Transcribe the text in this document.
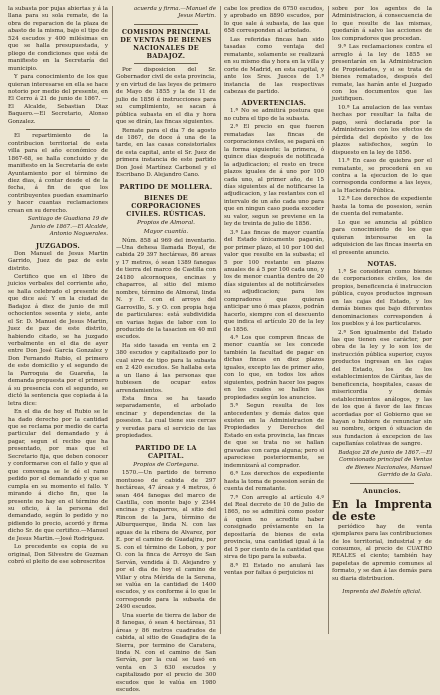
la subasta por pujas abiertas y á la llana para su sola remate, de la obra de reparacion de la plaza de abasto de la misma, bajo el tipo de 524 escudos y 400 milésimas en que se halla presupuestada, y pliego de condiciones que está de manifiesto en la Secretaría del municipio.

Y para conocimiento de los que quieran interesarse en ella se hace notorio por medio del presente, en El Cerro á 21 de junio de 1867. —El Alcalde, Sebastian Diaz Baquero.—El Secretario, Alonso Gonzalez.

El repartimiento de la contribucion territorial de esta villa para el año económico de 1867-68, se halla concluido y de manifiesto en la Secretaría de este Ayuntamiento por el término de diez dias, á contar desde el de la fecha, á fin de que los contribuyentes puedan examinarlo y hacer cuantas reclamaciones crean en su derecho.

Santiago de Guadiana 19 de Junio de 1867.—El Alcalde, Antonio Noguerales.

JUZGADOS.

Don Manuel de Jesus Martin Garrido, Juez de paz de este distrito.

Certifico que en el libro de juicios verbales del corriente año, se halla celebrado el presente de que dice así: Y en la ciudad de Badajoz á diez de junio de mil ochocientos sesenta y siete, ante el Sr. D. Manuel de Jesus Martin, Juez de paz de este distrito, habiendo citado, se ha juzgado verbalmente en el dia de ayer entre Don José Garcia Gonzalez y Don Fernando Rubio, el primero de este domicilio y el segundo de la Parroquia de Guareña, la demanda propuesta por el primero á su presencia con el segundo, se dictó la sentencia que copiada á la letra dice:

En el dia de hoy el Rubio se le ha dado derecho por la cantidad que se reclama por medio de carta particular del demandado y á pagar, segun el recibo que ha presentado, por mas que el Secretario fija, que deben conocer y conformarse con el fallo y que al que convenga se le dé el ramo pedido por el demandado y que se cumpla en su momento el fallo. Y mirando á dicho fin, que la presente no hay en el término de su oficio, á la persona del demandado, según lo pedido y no pidiendo lo precio, acordó y firma dicho Sr. de que certifico.—Manuel de Jesus Martin.—José Rodriguez.

Lo precedente es copia de su original, Don Silvestre de Guzman cobró el pleito de ese sobrescritos

acuerda y firma.—Manuel de Jesus Martin.

COMISION PRINCIPAL DE VENTAS DE BIENES NACIONALES DE BADAJOZ.

Por disposicion del Sr. Gobernador civil de esta provincia, y en virtud de las leyes de primero de Mayo de 1855 y la de 11 de julio de 1856 é instrucciones para su cumplimiento, se sacan á pública subasta en el dia y hora que se dirán, las fincas siguientes.

Remate para el dia 7 de agosto de 1867, de doce á una de la tarde, en las casas consistoriales de esta capital, ante el Sr. Juez de primera instancia de este partido Don José Martínez Carbonel y el Escribano D. Alejandro Cano.

PARTIDO DE MOLLERA.
BIENES DE CORPORACIONES CIVILES. RÚSTICAS.
Propios de Almoral.
Mayor cuantía.

Núm. 858 al 969 del inventario.—Una dehesa llamada Boyal, de cabida 29 397 hectáreas, 86 areas y 17 metros, ó sean 1389 fanegas de tierra del marco de Castilla con 24180 alcornoques, encinas y chaparros, al sitio del mismo nombre, término de Almoral, linda N. y E. con el arroyo del Garrovillo, S. y O. con propia hoja de particulares: está subdividida en varias hojas de labor con lo producido de la tasacion en 40 mil escudos.

Ha sido tasada en venta en 2 380 escudos y capitalizado por lo cual sirve de tipo para la subasta en 2 420 escudos. Se hallaba esta a un llano á las personas que hubiesen de ocupar estos arrendamientos.

Esta finca se ha tasado separadamente, el arbolado encinar y dependencias de la posesion. La cual tiene sus cercas y veredas para el servicio de las propiedades.

PARTIDO DE LA CAPITAL.
Propios de Cortegana.

1570.—Un partido de terreno montuoso de cabida de 297 hectáreas, 47 áreas y 4 metros, ó sean 464 fanegas del marco de Castilla, con monte bajo y 2344 encinas y chaparros, al sitio del Rincon de la Jara, término de Alburquerque, linda N. con las aguas de la ribera de Alvarez, por E. por el camino de Guadajira, por S. con el término de Lobon, y por O. con la finca de Arroyo de San Serván, vendida á D. Alejandro y por el dia de hoy el camino de Villar y otra Mérida de la Serena, se valúa en la cantidad de 1400 escudos, y es conforme á lo que le corresponde para la subasta de 2490 escudos.

Una suerte de tierra de labor de 8 fanegas, ó sean 4 hectáreas, 51 áreas y 86 metros cuadrados de cabida, al sitio de Guadajira de la Sierra, por termino de Caratera, linda N. con el camino de San Serván, por la cual se tasó en venta en 3 630 escudos y capitalizado por el precio de 300 escudos que le valúa en 1980 escudos.

cabe los predios de 6750 escudos, y aprobado en 8890 escudos, por lo que sale á subasta, de las que 658 corresponden al arbolado.

Las referidas fincas han sido tasadas como ventaja del rematante, solamente se realizará en su mismo dia y hora en la villa y corte de Madrid, en esta capital, y ante los Sres. Jueces de 1.ª instancia de las respectivas cabezas de partido.

ADVERTENCIAS.

1.ª No se admitirá postura que no cubra el tipo de la subasta.

2.ª El precio en que fueren rematadas las fincas de corporaciones civiles, se pagará en la forma siguiente: la primera, ó quince días después de notificada la adjudicacion; el resto en trece plazos iguales de á uno por 100 cada uno, al primer año, de 15 días siguientes al de notificarse la adjudicacion, y las restantes con el intervalo de un año cada uno para que en ningun caso pueda exceder su valor, segun se previene en la ley de treinta de julio de 1856.

3.ª Las fincas de mayor cuantía del Estado únicamente pagarán, por primer plazo, el 10 por 100 del valor que resulte en la subasta; el 5 por 100 restante en plazos anuales de á 5 por 100 cada uno, y los de menor cuantía dentro de 20 días siguientes al de notificárseles su adjudicacion; para los compradores que quieran anticipar uno ó mas plazos, podrán hacerlo, siempre con el descuento que indica el artículo 20 de la ley de 1856.

4.ª Los que compren fincas de menor cuantía se les concede también la facultad de pagar en dichas fincas en diez plazos iguales, excepto las de primer año, con lo que, en todos los años siguientes, podrán hacer los pagos en los cuales se hallen las propiedades según los anuncios.

5.ª Segun resulta de los antecedentes y demás datos que existen en la Administracion de Propiedades y Derechos del Estado en esta provincia, las fincas de que se trata no se hallan gravadas con carga alguna; pero si apareciese posteriormente, se indemnizará al comprador.

6.ª Los derechos de expediente hasta la toma de posesion serán de cuenta del rematante.

7.ª Con arreglo al artículo 4.º del Real decreto de 10 de Julio de 1865, no se admitirá como postor á quien no acredite haber consignado préviamente en la depositaría de bienes de esta provincia, una cantidad igual á la del 5 por ciento de la cantidad que sirva de tipo para la subasta.

8.ª El Estado no anulará las ventas por faltas ó perjuicios ni

sobre por los agentes de la Administracion, á consecuencia de lo que resulte de las mismas, quedarán á salvo las acciones de los compradores que procedan.

9.ª Las reclamaciones contra el arreglo á la ley de 1855 se presentarán en la Administracion de Propiedades, y si se trata de bienes rematados, después del remate, las harán ante el Juzgado con los documentos que las justifiquen.

10.ª La anulacion de las ventas hechas por resultar la falta de pago, será declarada por la Administracion con los efectos de pérdida del depósito y de los plazos satisfechos, según lo dispuesto en la ley de 1856.

11.ª En caso de quiebra por el rematante, se procederá en su contra a la ejecucion de lo que corresponda conforme a las leyes, a la Hacienda Pública.

12.ª Los derechos de expediente hasta la toma de posesion, serán de cuenta del rematante.

Lo que se anuncia al público para conocimiento de los que quieran interesarse en la adquisicion de las fincas inserta en el presente anuncio.

NOTAS.

1.ª Se consideran como bienes de corporaciones civiles, los de propios, beneficencia é instruccion pública, cuyos productos ingresan en las cajas del Estado, y los demás bienes que bajo diferentes denominaciones corresponden á los pueblos y á los particulares.

2.ª Son igualmente del Estado las que tienen ese carácter, por obra de la ley y lo son los de instrucción pública superior, cuyos productos ingresan en las cajas del Estado, los de los establecimientos de Cáritas, las de beneficencia, hospitales, casas de misericordia y demás establecimientos análogos, y las de los que á favor de las fincas acordadas por el Gobierno que se hayan o hubiere de renunciar sin su nombre, origen ó situacion de sus fundacion á excepcion de las capellanías colativas de sangre.

Badajoz 28 de junio de 1867.—El Comisionado principal de Ventas de Bienes Nacionales, Manuel Garrido de la Gala.

Anuncios.

En la Imprenta de este

periódico hay de venta ejemplares para las contribuciones de los territorial, industrial y de consumos, al precio de CUATRO REALES el ciento; también hay papeletas de apremio comunes al formato, y se dan á las demás para su diaria distribucion.

Imprenta del Boletín oficial.
